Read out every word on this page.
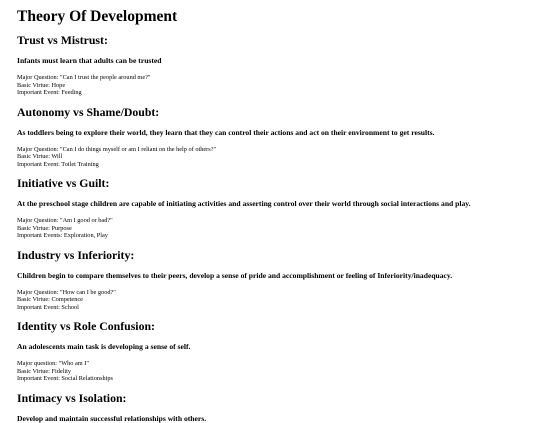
Theory Of Development
Trust vs Mistrust:

Infants must learn that adults can be trusted

Major Question: "Can I trust the people around me?"
Basic Virtue: Hope
Important Event: Feeding
Autonomy vs Shame/Doubt:

As toddlers being to explore their world, they learn that they can control their actions and act on their environment to get results.

Major Question: "Can I do things myself or am I reliant on the help of others?"
Basic Virtue: Will
Important Event: Toilet Training
Initiative vs Guilt:

At the preschool stage children are capable of initiating activities and asserting control over their world through social interactions and play.

Major Question: "Am I good or bad?"
Basic Virtue: Purpose
Important Events: Exploration, Play
Industry vs Inferiority:

Children begin to compare themselves to their peers, develop a sense of pride and accomplishment or feeling of Inferiority/inadequacy.

Major Question: "How can I be good?"
Basic Virtue: Competence
Important Event: School
Identity vs Role Confusion:

An adolescents main task is developing a sense of self.

Major question: "Who am I"
Basic Virtue: Fidelity
Important Event: Social Relationships
Intimacy vs Isolation:

Develop and maintain successful relationships with others.
